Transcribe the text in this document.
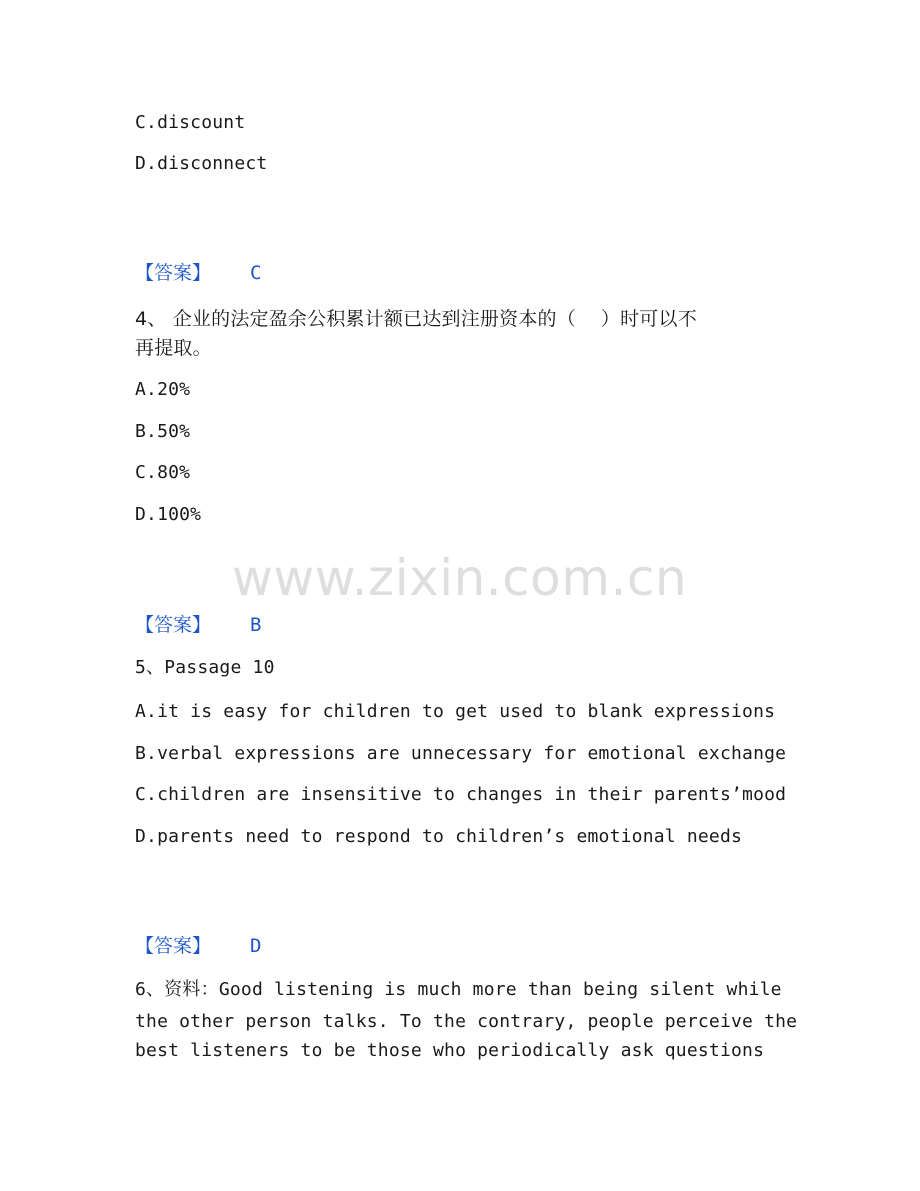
C.discount
D.disconnect
【答案】 C
4、 企业的法定盈余公积累计额已达到注册资本的（    ）时可以不
再提取。
A.20%
B.50%
C.80%
D.100%
www.zixin.com.cn
【答案】 B
5、Passage 10
A.it is easy for children to get used to blank expressions
B.verbal expressions are unnecessary for emotional exchange
C.children are insensitive to changes in their parents’mood
D.parents need to respond to children’s emotional needs
【答案】 D
6、资料：Good listening is much more than being silent while
the other person talks. To the contrary, people perceive the
best listeners to be those who periodically ask questions
